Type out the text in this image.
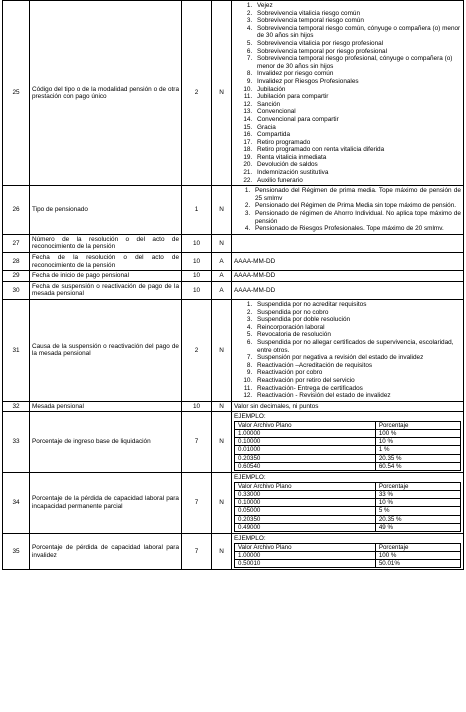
25	Código del tipo o de la modalidad pensión o de otra prestación con pago único	2	N	
1. Vejez
2. Sobrevivencia vitalicia riesgo común
3. Sobrevivencia temporal riesgo común
4. Sobrevivencia temporal riesgo común, cónyuge o compañera (o) menor de 30 años sin hijos
5. Sobrevivencia vitalicia por riesgo profesional
6. Sobrevivencia temporal por riesgo profesional
7. Sobrevivencia temporal riesgo profesional, cónyuge o compañera (o) menor de 30 años sin hijos
8. Invalidez por riesgo común
9. Invalidez por Riesgos Profesionales
10. Jubilación
11. Jubilación para compartir
12. Sanción
13. Convencional
14. Convencional para compartir
15. Gracia
16. Compartida
17. Retiro programado
18. Retiro programado con renta vitalicia diferida
19. Renta vitalicia inmediata
20. Devolución de saldos
21. Indemnización sustitutiva
22. Auxilio funerario

26	Tipo de pensionado	1	N	
1. Pensionado del Régimen de prima media. Tope máximo de pensión de 25 smlmv
2. Pensionado del Régimen de Prima Media sin tope máximo de pensión.
3. Pensionado de régimen de Ahorro Individual. No aplica tope máximo de pensión
4. Pensionado de Riesgos Profesionales. Tope máximo de 20 smlmv.

27	Número de la resolución o del acto de reconocimiento de la pensión	10	N	
28	Fecha de la resolución o del acto de reconocimiento de la pensión	10	A	AAAA-MM-DD
29	Fecha de inicio de pago pensional	10	A	AAAA-MM-DD
30	Fecha de suspensión o reactivación de pago de la mesada pensional	10	A	AAAA-MM-DD
31	Causa de la suspensión o reactivación del pago de la mesada pensional	2	N	
1. Suspendida por no acreditar requisitos
2. Suspendida por no cobro
3. Suspendida por doble resolución
4. Reincorporación laboral
5. Revocatoria de resolución
6. Suspendida por no allegar certificados de supervivencia, escolaridad, entre otros.
7. Suspensión por negativa a revisión del estado de invalidez
8. Reactivación –Acreditación de requisitos
9. Reactivación por cobro
10. Reactivación por retiro del servicio
11. Reactivación- Entrega de certificados
12. Reactivación - Revisión del estado de invalidez

32	Mesada pensional	10	N	Valor sin decimales, ni puntos
33	Porcentaje de ingreso base de liquidación	7	N	
EJEMPLO:
Valor Archivo Plano	Porcentaje
1.00000	100 %
0.10000	10 %
0.01000	1 %
0.20350	20.35 %
0.60540	60.54 %

34	Porcentaje de la pérdida de capacidad laboral para incapacidad permanente parcial	7	N	
EJEMPLO:
Valor Archivo Plano	Porcentaje
0.33000	33 %
0.10000	10 %
0.05000	5 %
0.20350	20.35 %
0.49000	49 %

35	Porcentaje de pérdida de capacidad laboral para invalidez	7	N	
EJEMPLO:
Valor Archivo Plano	Porcentaje
1.00000	100 %
0.50010	50.01%
